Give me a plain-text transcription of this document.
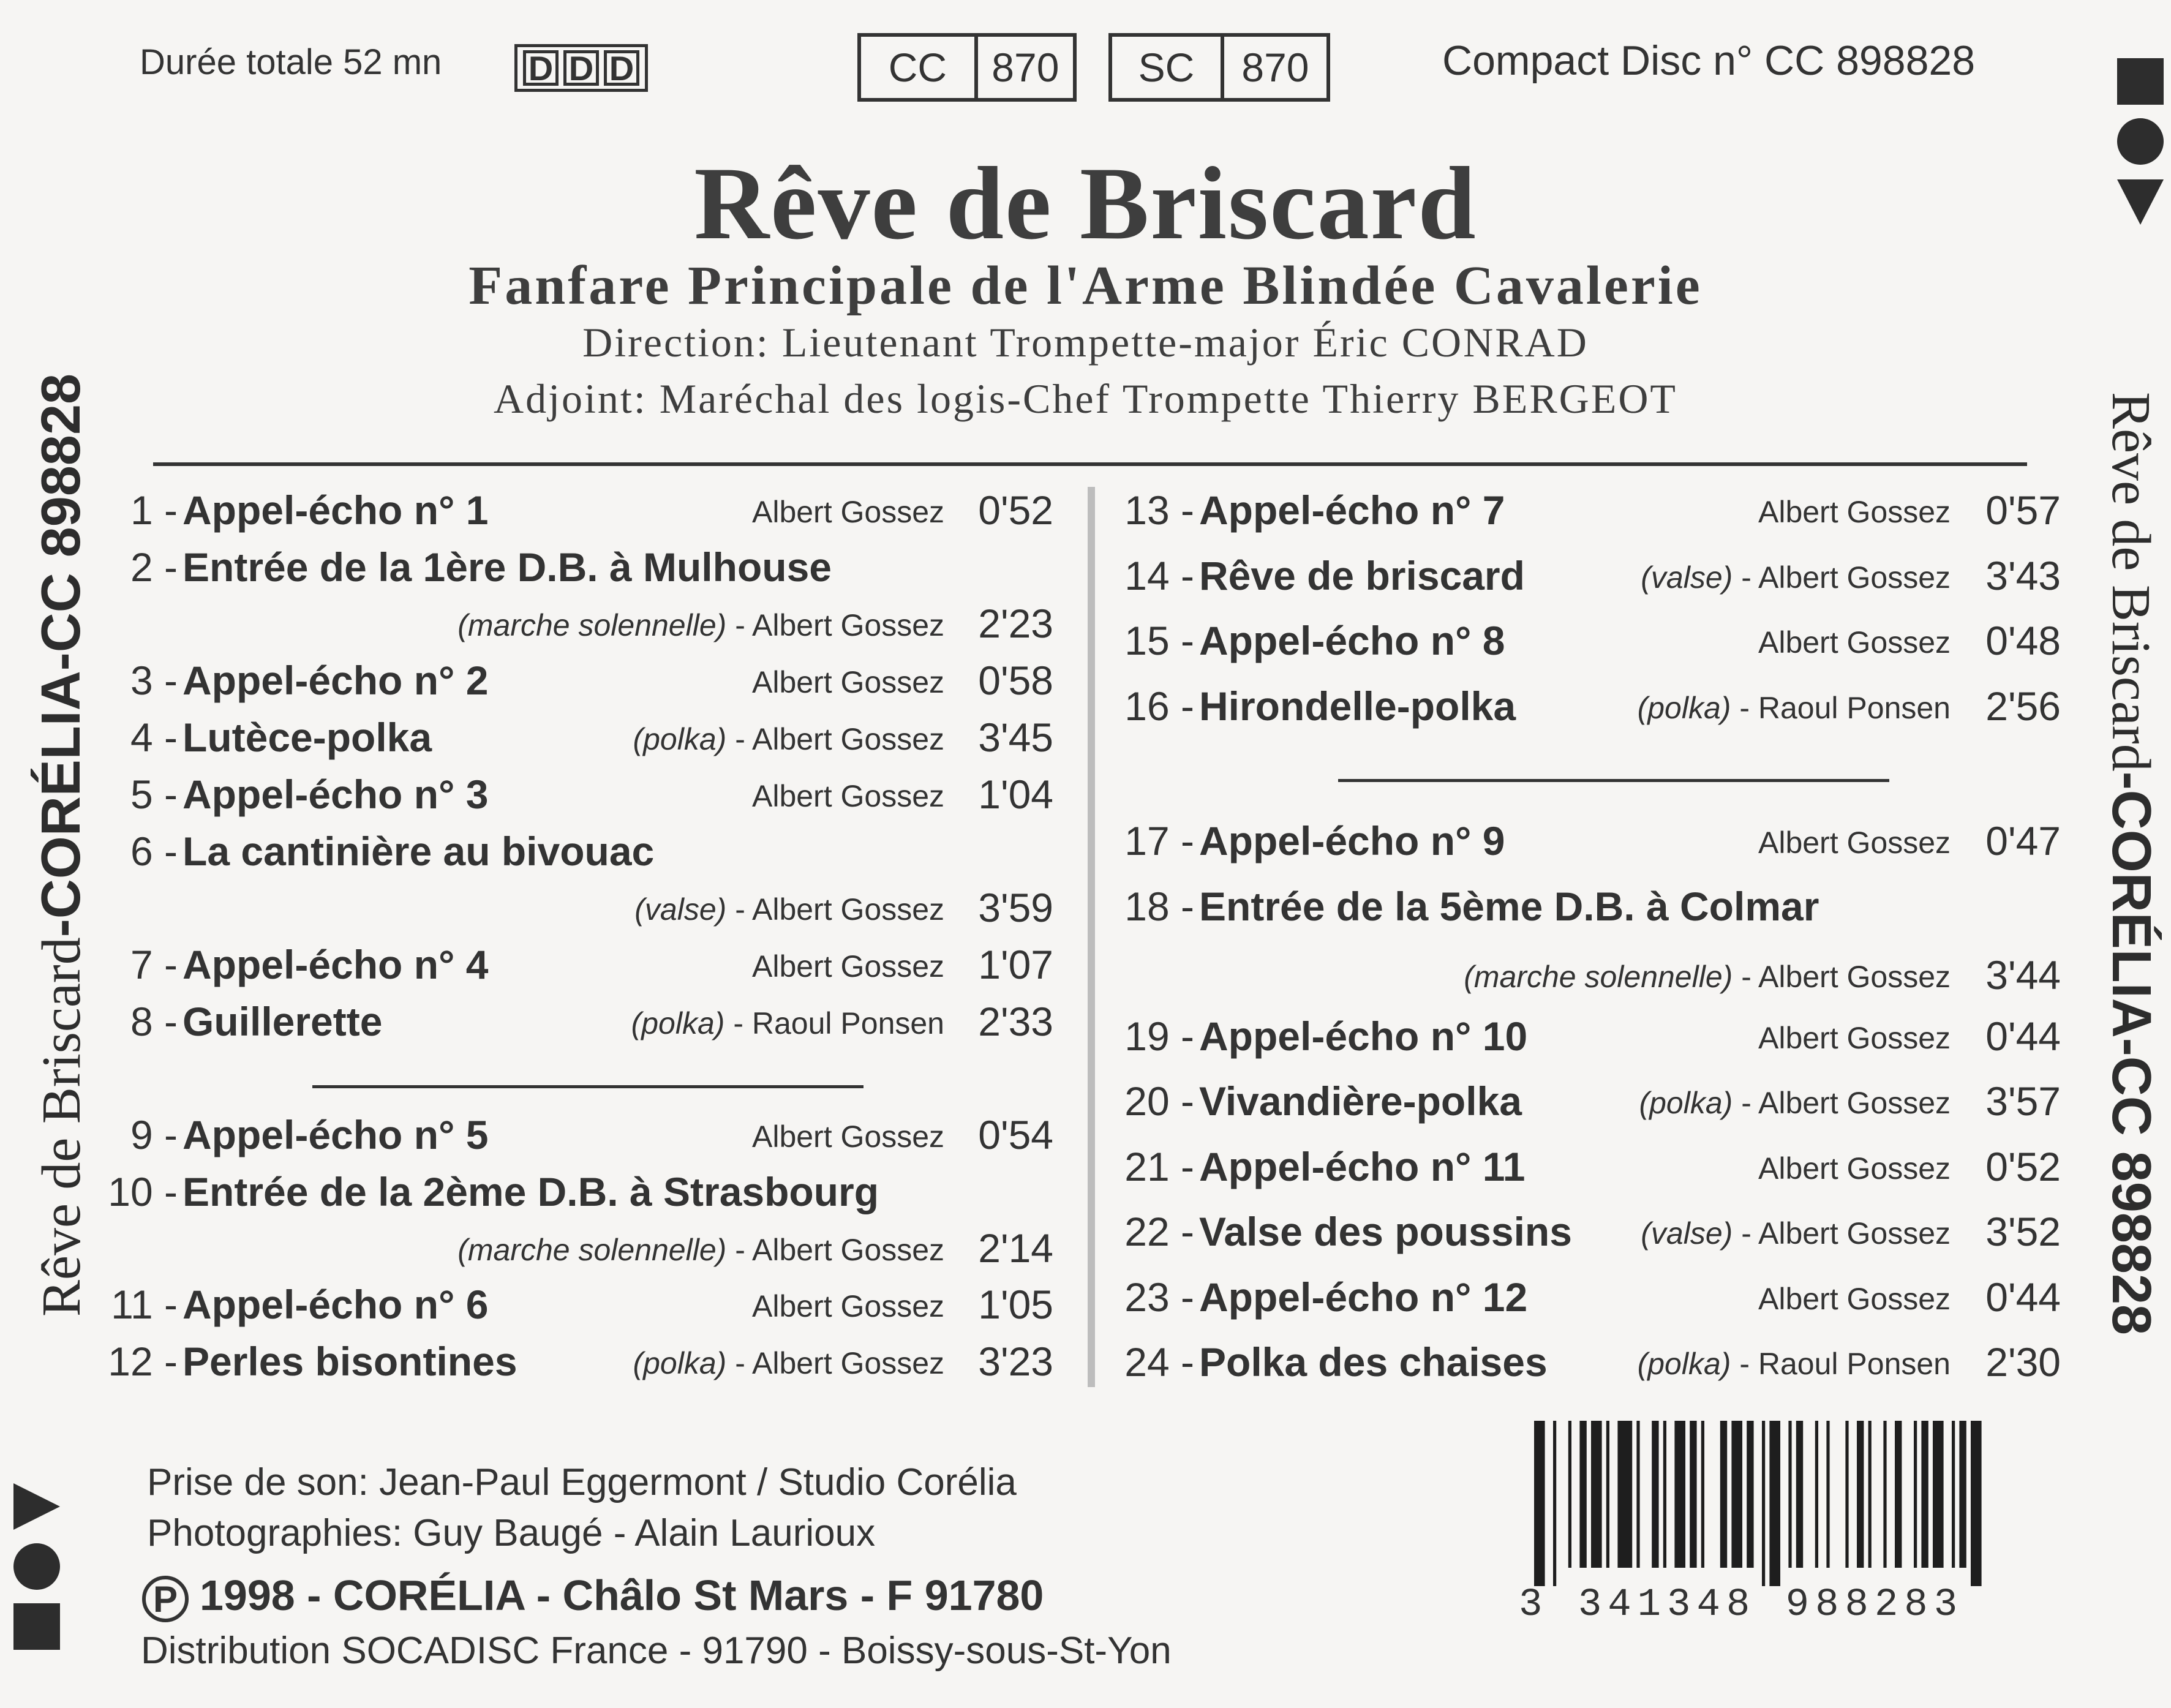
Durée totale 52 mn	D D D	CC	870	SC	870	Compact Disc n° CC 898828
Rêve de Briscard
Fanfare Principale de l'Arme Blindée Cavalerie
Direction: Lieutenant Trompette-major Éric CONRAD
Adjoint: Maréchal des logis-Chef Trompette Thierry BERGEOT
1 - Appel-écho n° 1	Albert Gossez 0'52
2 - Entrée de la 1ère D.B. à Mulhouse
(marche solennelle) - Albert Gossez 2'23
3 - Appel-écho n° 2	Albert Gossez 0'58
4 - Lutèce-polka	(polka) - Albert Gossez 3'45
5 - Appel-écho n° 3	Albert Gossez 1'04
6 - La cantinière au bivouac
(valse) - Albert Gossez 3'59
7 - Appel-écho n° 4	Albert Gossez 1'07
8 - Guillerette	(polka) - Raoul Ponsen 2'33
9 - Appel-écho n° 5	Albert Gossez 0'54
10 - Entrée de la 2ème D.B. à Strasbourg
(marche solennelle) - Albert Gossez 2'14
11 - Appel-écho n° 6	Albert Gossez 1'05
12 - Perles bisontines	(polka) - Albert Gossez 3'23
13 - Appel-écho n° 7	Albert Gossez 0'57
14 - Rêve de briscard	(valse) - Albert Gossez 3'43
15 - Appel-écho n° 8	Albert Gossez 0'48
16 - Hirondelle-polka	(polka) - Raoul Ponsen 2'56
17 - Appel-écho n° 9	Albert Gossez 0'47
18 - Entrée de la 5ème D.B. à Colmar
(marche solennelle) - Albert Gossez 3'44
19 - Appel-écho n° 10	Albert Gossez 0'44
20 - Vivandière-polka	(polka) - Albert Gossez 3'57
21 - Appel-écho n° 11	Albert Gossez 0'52
22 - Valse des poussins (valse) - Albert Gossez 3'52
23 - Appel-écho n° 12	Albert Gossez 0'44
24 - Polka des chaises	(polka) - Raoul Ponsen 2'30
Prise de son: Jean-Paul Eggermont / Studio Corélia
Photographies: Guy Baugé - Alain Laurioux
P 1998 - CORÉLIA - Châlo St Mars - F 91780
Distribution SOCADISC France - 91790 - Boissy-sous-St-Yon
Rêve de Briscard
-
CORÉLIA
-
CC 898828	Rêve de Briscard
-
CORÉLIA
-
CC 898828
3 341348 988283
